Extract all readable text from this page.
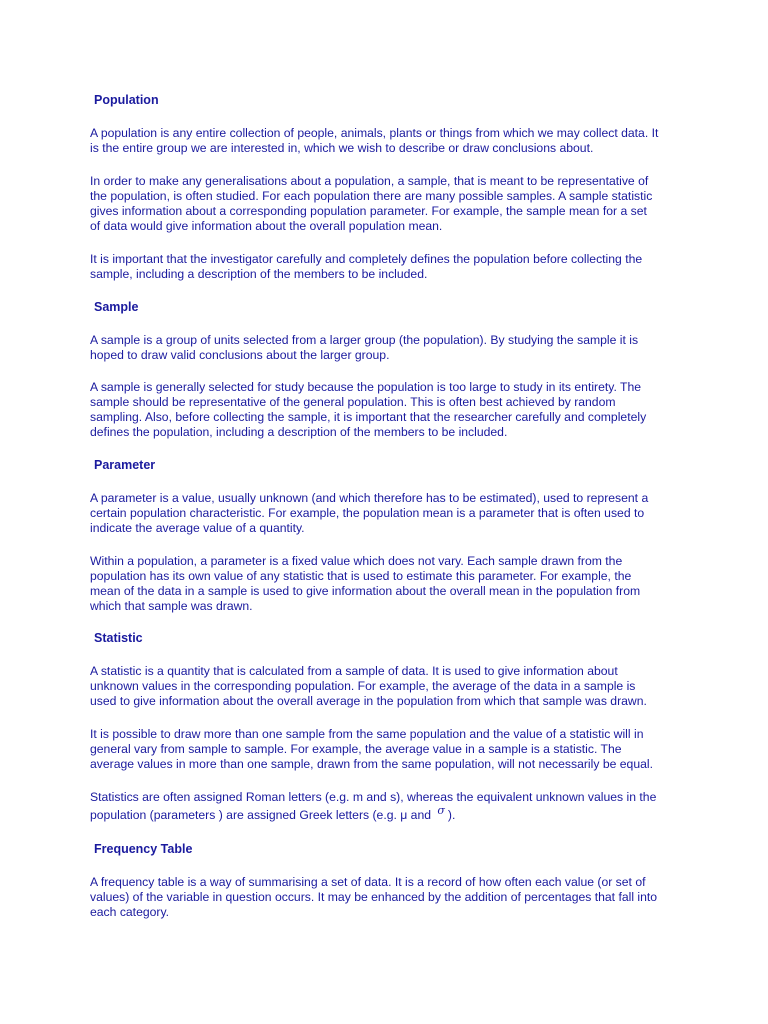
Population
A population is any entire collection of people, animals, plants or things from which we may collect data. It
is the entire group we are interested in, which we wish to describe or draw conclusions about.
In order to make any generalisations about a population, a sample, that is meant to be representative of
the population, is often studied. For each population there are many possible samples. A sample statistic
gives information about a corresponding population parameter. For example, the sample mean for a set
of data would give information about the overall population mean.
It is important that the investigator carefully and completely defines the population before collecting the
sample, including a description of the members to be included.
Sample
A sample is a group of units selected from a larger group (the population). By studying the sample it is
hoped to draw valid conclusions about the larger group.
A sample is generally selected for study because the population is too large to study in its entirety. The
sample should be representative of the general population. This is often best achieved by random
sampling. Also, before collecting the sample, it is important that the researcher carefully and completely
defines the population, including a description of the members to be included.
Parameter
A parameter is a value, usually unknown (and which therefore has to be estimated), used to represent a
certain population characteristic. For example, the population mean is a parameter that is often used to
indicate the average value of a quantity.
Within a population, a parameter is a fixed value which does not vary. Each sample drawn from the
population has its own value of any statistic that is used to estimate this parameter. For example, the
mean of the data in a sample is used to give information about the overall mean in the population from
which that sample was drawn.
Statistic
A statistic is a quantity that is calculated from a sample of data. It is used to give information about
unknown values in the corresponding population. For example, the average of the data in a sample is
used to give information about the overall average in the population from which that sample was drawn.
It is possible to draw more than one sample from the same population and the value of a statistic will in
general vary from sample to sample. For example, the average value in a sample is a statistic. The
average values in more than one sample, drawn from the same population, will not necessarily be equal.
Statistics are often assigned Roman letters (e.g. m and s), whereas the equivalent unknown values in the
population (parameters ) are assigned Greek letters (e.g. μ and σ ).
Frequency Table
A frequency table is a way of summarising a set of data. It is a record of how often each value (or set of
values) of the variable in question occurs. It may be enhanced by the addition of percentages that fall into
each category.
